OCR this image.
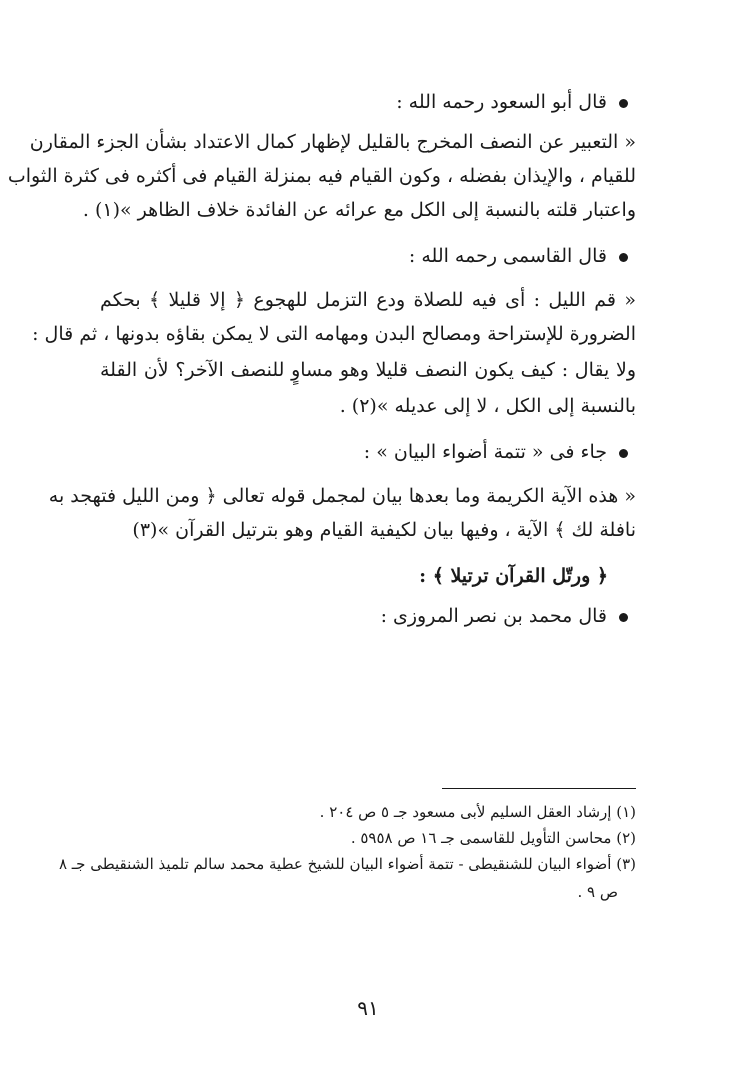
قال أبو السعود رحمه الله :
« التعبير عن النصف المخرج بالقليل لإظهار كمال الاعتداد بشأن الجزء المقارن
للقيام ، والإيذان بفضله ، وكون القيام فيه بمنزلة القيام فى أكثره فى كثرة الثواب
واعتبار قلته بالنسبة إلى الكل مع عرائه عن الفائدة خلاف الظاهر »(١) .
قال القاسمى رحمه الله :
« قم الليل : أى فيه للصلاة ودع التزمل للهجوع ﴿ إلا قليلا ﴾ بحكم
الضرورة للإستراحة ومصالح البدن ومهامه التى لا يمكن بقاؤه بدونها ، ثم قال :
ولا يقال : كيف يكون النصف قليلا وهو مساوٍ للنصف الآخر؟ لأن القلة
بالنسبة إلى الكل ، لا إلى عديله »(٢) .
جاء فى « تتمة أضواء البيان » :
« هذه الآية الكريمة وما بعدها بيان لمجمل قوله تعالى ﴿ ومن الليل فتهجد به
نافلة لك ﴾ الآية ، وفيها بيان لكيفية القيام وهو بترتيل القرآن »(٣)
﴿ ورتّل القرآن ترتيلا ﴾ :
قال محمد بن نصر المروزى :
(١) إرشاد العقل السليم لأبى مسعود جـ ٥ ص ٢٠٤ .
(٢) محاسن التأويل للقاسمى جـ ١٦ ص ٥٩٥٨ .
(٣) أضواء البيان للشنقيطى - تتمة أضواء البيان للشيخ عطية محمد سالم تلميذ الشنقيطى جـ ٨
ص ٩ .
٩١
